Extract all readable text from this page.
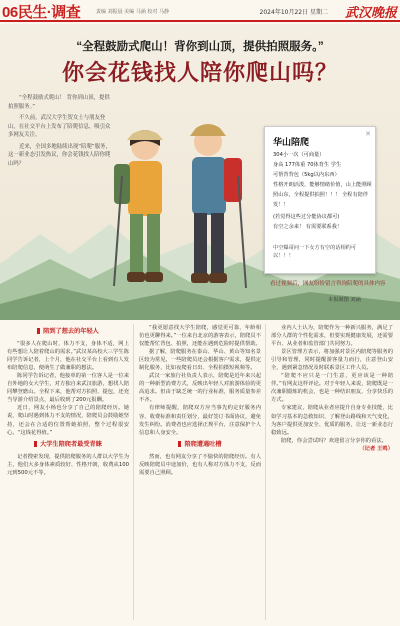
06民生·调查	责编 刘振晨 美编 马涵 校对 马静	2024年10月22日 星期二 武汉晚报
“全程鼓励式爬山！背你到山顶，提供拍照服务。”
你会花钱找人陪你爬山吗？

“全程鼓励式爬山！ 背你到山顶，提供拍照服务。”

不久前，武汉大学生贺女士与朋友登山，在社交平台上发布了陪爬信息，吸引众多网友关注。

近来，全国多地陆续出现“陪爬”服务，这一新业态引发热议，你会花钱找人陪你爬山吗？

✕
华山陪爬
304小一次（可商量）
身高 177体重 70体育生 学生
可帮背背包（5kg以内东西）
性格开朗活泼，能够情绪价值，山上能照顾
照山东，全程提供拍照！！！ 全程有陪伴
发！！
(若觉得这些过分能协议都可)
有空之余来！ 有需要联系我！
中空爆哥问一下女方有空的话相约可以！！！
看过视频后，网友纷纷留言咨询陪爬的具体内容
本报制图 刘涵
陪到了想去的年轻人

“很多人在爬山时，体力不支，身体不适，网上有些想让人陪着爬山的需求。”武汉某高校大三学生陈同学告诉记者，上个月，他在社交平台上看到有人发布陪爬信息，便萌生了做兼职的想法。

陈同学告诉记者，他接单的第一位客人是一位来自外地的女大学生，对方独自来武汉旅游，想找人陪同攀登磨山。全程下来，他帮对方拍照、提包，还充当导游介绍景点，最后收到了200元报酬。

近日，网友小杨也分享了自己的陪爬经历。她说，爬山时遇到体力不支的情况，陪爬员会鼓励她坚持，还会在合适的位置帮她拍照，整个过程很安心。“这钱花得值。”

大学生陪爬者最受青睐

记者搜索发现，提供陪爬服务的人群以大学生为主，他们大多身体素质较好、性格开朗，收费从100元到500元不等。

“我更愿意找大学生陪爬，感觉更可靠，年龄相仿也更聊得来。”一位来自北京的游客表示，陪爬员不仅能帮忙背包、拍照，还能在遇到危险时提供帮助。

据了解，陪爬服务在泰山、华山、黄山等知名景区较为常见，一些陪爬员还会根据客户需求，提供定制化服务，比如夜爬看日出、全程拍摄短视频等。

武汉一家旅行社负责人表示，陪爬是近年来兴起的一种新型消费方式，反映出年轻人对旅游体验的更高追求。但由于缺乏统一的行业标准，服务质量参差不齐。

有律师提醒，陪爬双方应当事先约定好服务内容、收费标准和责任划分，最好签订书面协议，避免发生纠纷。消费者也应选择正规平台，注意保护个人信息和人身安全。

陪爬遭遇吐槽

然而，也有网友分享了不愉快的陪爬经历。有人反映陪爬员中途加价，也有人称对方体力不支，反而需要自己照顾。

业内人士认为，陪爬作为一种新兴服务，满足了部分人群的个性化需求，但要实现健康发展，还需要平台、从业者和监管部门共同努力。

景区管理方表示，将加强对景区内陪爬等服务的引导和管理，同时提醒游客量力而行，注意登山安全，遇到紧急情况及时联系景区工作人员。

“陪爬不应只是一门生意，更应该是一种陪伴。”有网友这样评论。对于年轻人来说，陪爬既是一次兼职锻炼的机会，也是一种结识朋友、分享快乐的方式。

专家建议，陪爬从业者应提升自身专业技能，比如学习基本的急救知识、了解登山路线和天气变化，为客户提供更加安全、优质的服务，让这一新业态行稳致远。

陪爬，你会尝试吗？欢迎留言分享你的看法。

（记者 王鸣）
